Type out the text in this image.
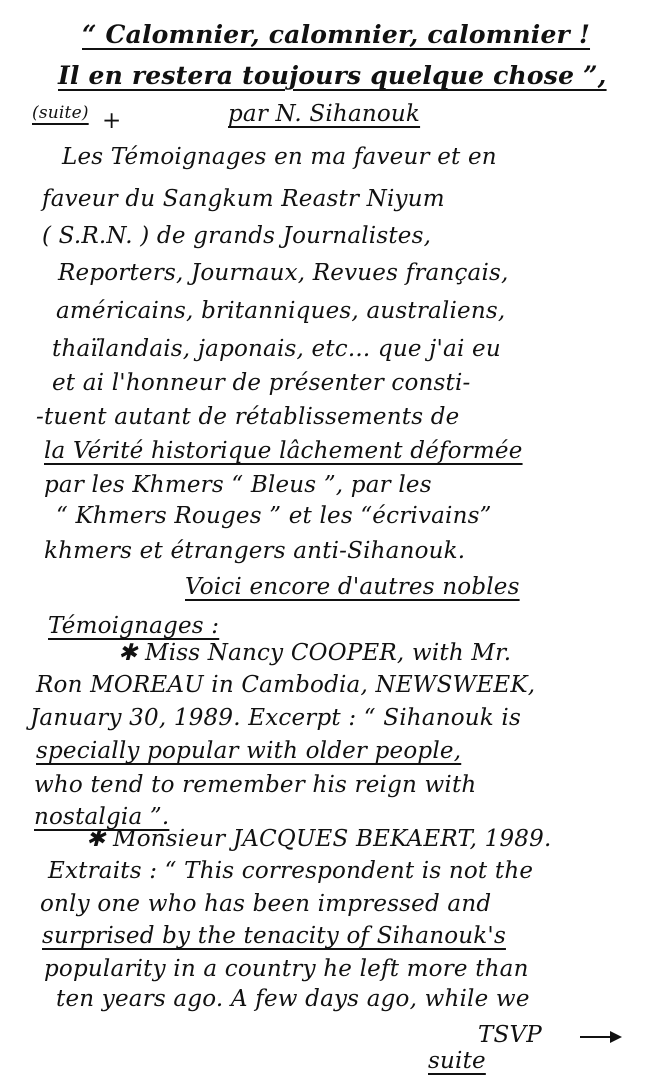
“ Calomnier, calomnier, calomnier !
Il en restera toujours quelque chose ”,
(suite) +	par N. Sihanouk
Les Témoignages en ma faveur et en
faveur du Sangkum Reastr Niyum
( S.R.N. ) de grands Journalistes,
Reporters, Journaux, Revues français,
américains, britanniques, australiens,
thaïlandais, japonais, etc... que j'ai eu
et ai l'honneur de présenter consti-
-tuent autant de rétablissements de
la Vérité historique lâchement déformée
par les Khmers “ Bleus ”, par les
“ Khmers Rouges ” et les “écrivains”
khmers et étrangers anti-Sihanouk.
Voici encore d'autres nobles
Témoignages :
✱ Miss Nancy COOPER, with Mr.
Ron MOREAU in Cambodia, NEWSWEEK,
January 30, 1989. Excerpt : “ Sihanouk is
specially popular with older people,
who tend to remember his reign with
nostalgia ”.
✱ Monsieur JACQUES BEKAERT, 1989.
Extraits : “ This correspondent is not the
only one who has been impressed and
surprised by the tenacity of Sihanouk's
popularity in a country he left more than
ten years ago. A few days ago, while we
TSVP
suite
